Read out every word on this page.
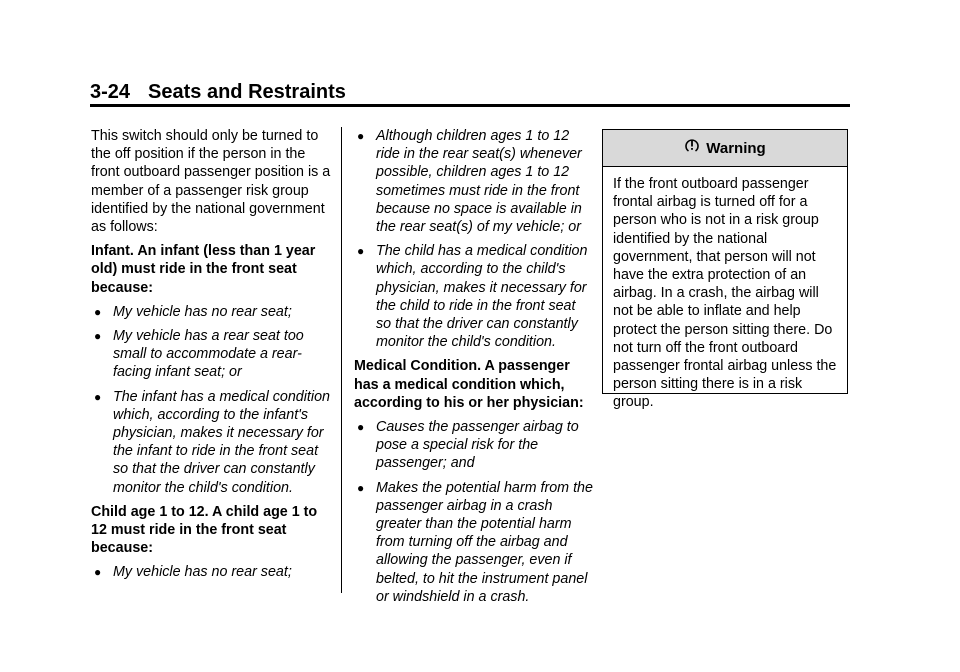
3-24 Seats and Restraints

This switch should only be turned to the off position if the person in the front outboard passenger position is a member of a passenger risk group identified by the national government as follows:

Infant. An infant (less than 1 year old) must ride in the front seat because:

● My vehicle has no rear seat;
● My vehicle has a rear seat too small to accommodate a rear-facing infant seat; or
● The infant has a medical condition which, according to the infant's physician, makes it necessary for the infant to ride in the front seat so that the driver can constantly monitor the child's condition.

Child age 1 to 12. A child age 1 to 12 must ride in the front seat because:

● My vehicle has no rear seat;
● Although children ages 1 to 12 ride in the rear seat(s) whenever possible, children ages 1 to 12 sometimes must ride in the front because no space is available in the rear seat(s) of my vehicle; or
● The child has a medical condition which, according to the child's physician, makes it necessary for the child to ride in the front seat so that the driver can constantly monitor the child's condition.

Medical Condition. A passenger has a medical condition which, according to his or her physician:

● Causes the passenger airbag to pose a special risk for the passenger; and
● Makes the potential harm from the passenger airbag in a crash greater than the potential harm from turning off the airbag and allowing the passenger, even if belted, to hit the instrument panel or windshield in a crash.
Warning
If the front outboard passenger frontal airbag is turned off for a person who is not in a risk group identified by the national government, that person will not have the extra protection of an airbag. In a crash, the airbag will not be able to inflate and help protect the person sitting there. Do not turn off the front outboard passenger frontal airbag unless the person sitting there is in a risk group.
